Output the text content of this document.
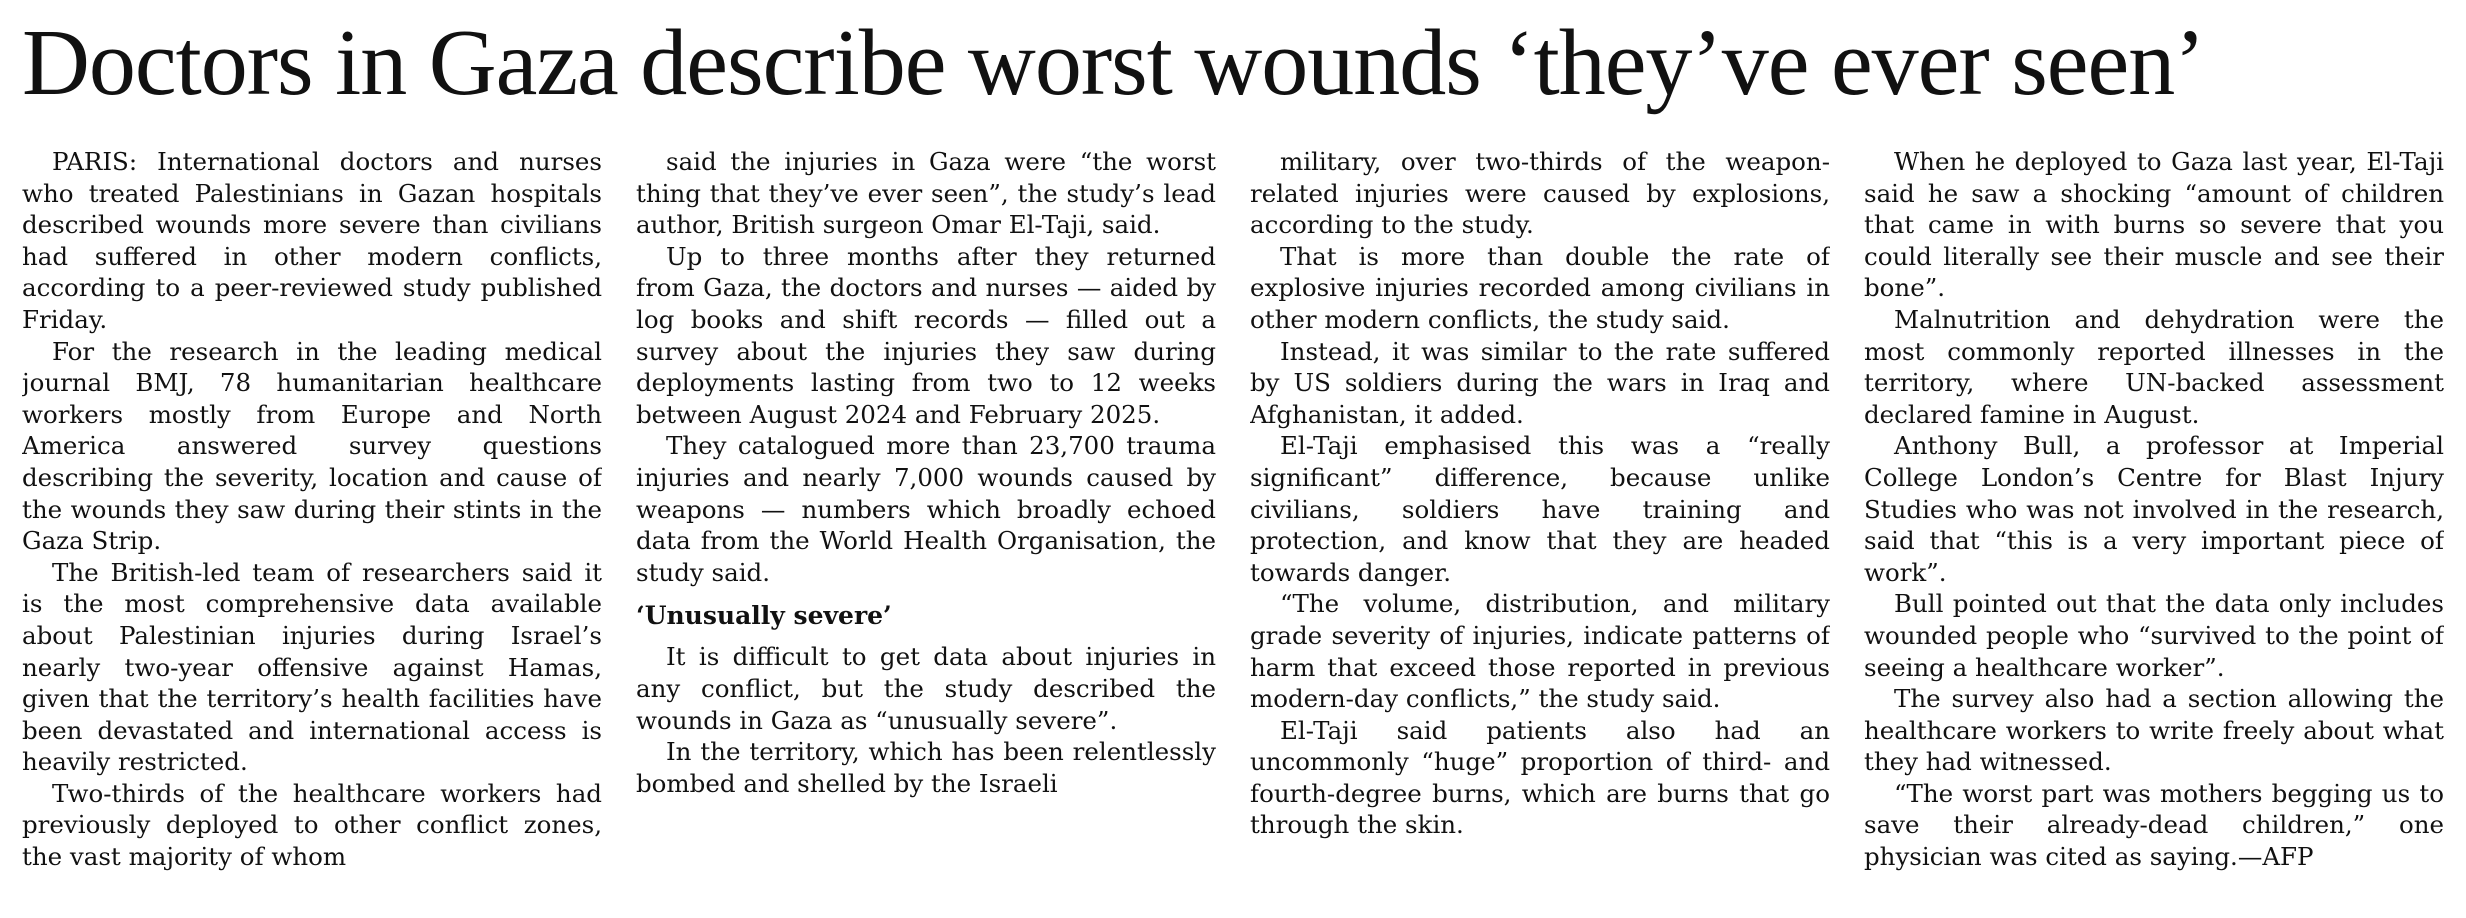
Doctors in Gaza describe worst wounds ‘they’ve ever seen’

PARIS: International doctors and nurses who treated Palestinians in Gazan hospitals described wounds more severe than civilians had suffered in other modern conflicts, according to a peer-reviewed study published Friday.

For the research in the leading medical journal BMJ, 78 humanitarian healthcare workers mostly from Europe and North America answered survey questions describing the severity, location and cause of the wounds they saw during their stints in the Gaza Strip.

The British-led team of researchers said it is the most comprehensive data available about Palestinian injuries during Israel’s nearly two-year offensive against Hamas, given that the territory’s health facilities have been devastated and international access is heavily restricted.

Two-thirds of the healthcare workers had previously deployed to other conflict zones, the vast majority of whom

said the injuries in Gaza were “the worst thing that they’ve ever seen”, the study’s lead author, British surgeon Omar El-Taji, said.

Up to three months after they returned from Gaza, the doctors and nurses — aided by log books and shift records — filled out a survey about the injuries they saw during deployments lasting from two to 12 weeks between August 2024 and February 2025.

They catalogued more than 23,700 trauma injuries and nearly 7,000 wounds caused by weapons — numbers which broadly echoed data from the World Health Organisation, the study said.

‘Unusually severe’

It is difficult to get data about injuries in any conflict, but the study described the wounds in Gaza as “unusually severe”.

In the territory, which has been relentlessly bombed and shelled by the Israeli

military, over two-thirds of the weapon-related injuries were caused by explosions, according to the study.

That is more than double the rate of explosive injuries recorded among civilians in other modern conflicts, the study said.

Instead, it was similar to the rate suffered by US soldiers during the wars in Iraq and Afghanistan, it added.

El-Taji emphasised this was a “really significant” difference, because unlike civilians, soldiers have training and protection, and know that they are headed towards danger.

“The volume, distribution, and military grade severity of injuries, indicate patterns of harm that exceed those reported in previous modern-day conflicts,” the study said.

El-Taji said patients also had an uncommonly “huge” proportion of third- and fourth-degree burns, which are burns that go through the skin.

When he deployed to Gaza last year, El-Taji said he saw a shocking “amount of children that came in with burns so severe that you could literally see their muscle and see their bone”.

Malnutrition and dehydration were the most commonly reported illnesses in the territory, where UN-backed assessment declared famine in August.

Anthony Bull, a professor at Imperial College London’s Centre for Blast Injury Studies who was not involved in the research, said that “this is a very important piece of work”.

Bull pointed out that the data only includes wounded people who “survived to the point of seeing a healthcare worker”.

The survey also had a section allowing the healthcare workers to write freely about what they had witnessed.

“The worst part was mothers begging us to save their already-dead children,” one physician was cited as saying.—AFP
